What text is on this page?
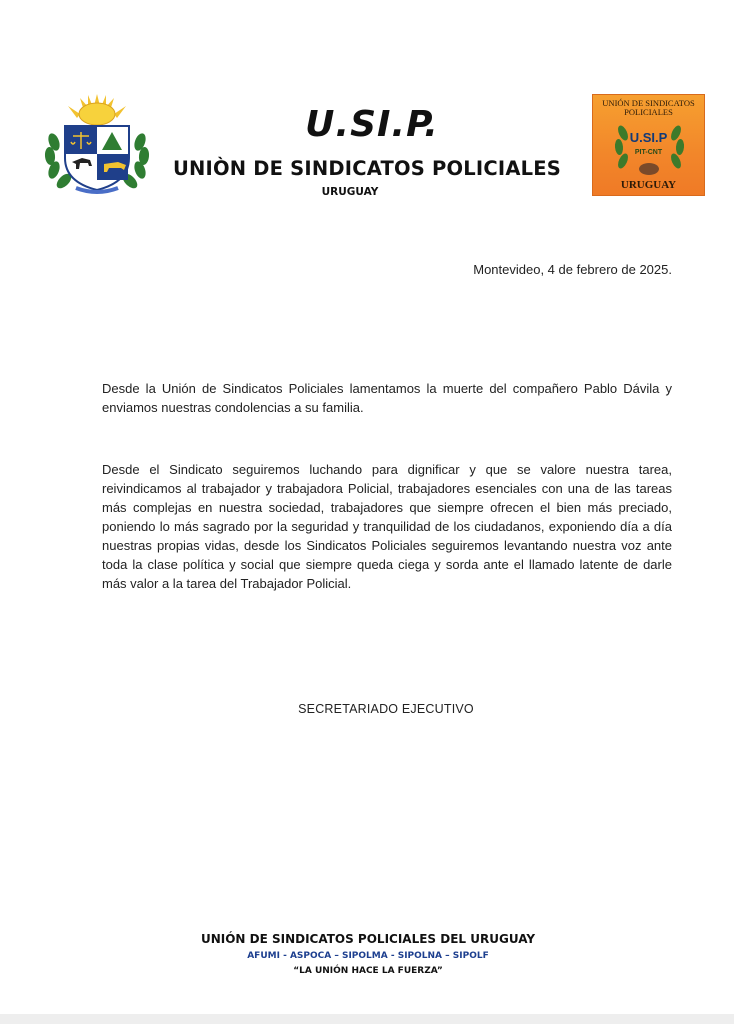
U.SI.P.
UNIÒN DE SINDICATOS POLICIALES
URUGUAY
UNIÓN DE SINDICATOS POLICIALES
U.SI.P
PIT-CNT
URUGUAY
Montevideo, 4 de febrero de 2025.
Desde la Unión de Sindicatos Policiales lamentamos la muerte del compañero Pablo Dávila y enviamos nuestras condolencias a su familia.
Desde el Sindicato seguiremos luchando para dignificar y que se valore nuestra tarea, reivindicamos al trabajador y trabajadora Policial, trabajadores esenciales con una de las tareas más complejas en nuestra sociedad, trabajadores que siempre ofrecen el bien más preciado, poniendo lo más sagrado por la seguridad y tranquilidad de los ciudadanos, exponiendo día a día nuestras propias vidas, desde los Sindicatos Policiales seguiremos levantando nuestra voz ante toda la clase política y social que siempre queda ciega y sorda ante el llamado latente de darle más valor a la tarea del Trabajador Policial.
SECRETARIADO EJECUTIVO
UNIÓN DE SINDICATOS POLICIALES DEL URUGUAY
AFUMI - ASPOCA – SIPOLMA - SIPOLNA – SIPOLF
“LA UNIÓN HACE LA FUERZA”
